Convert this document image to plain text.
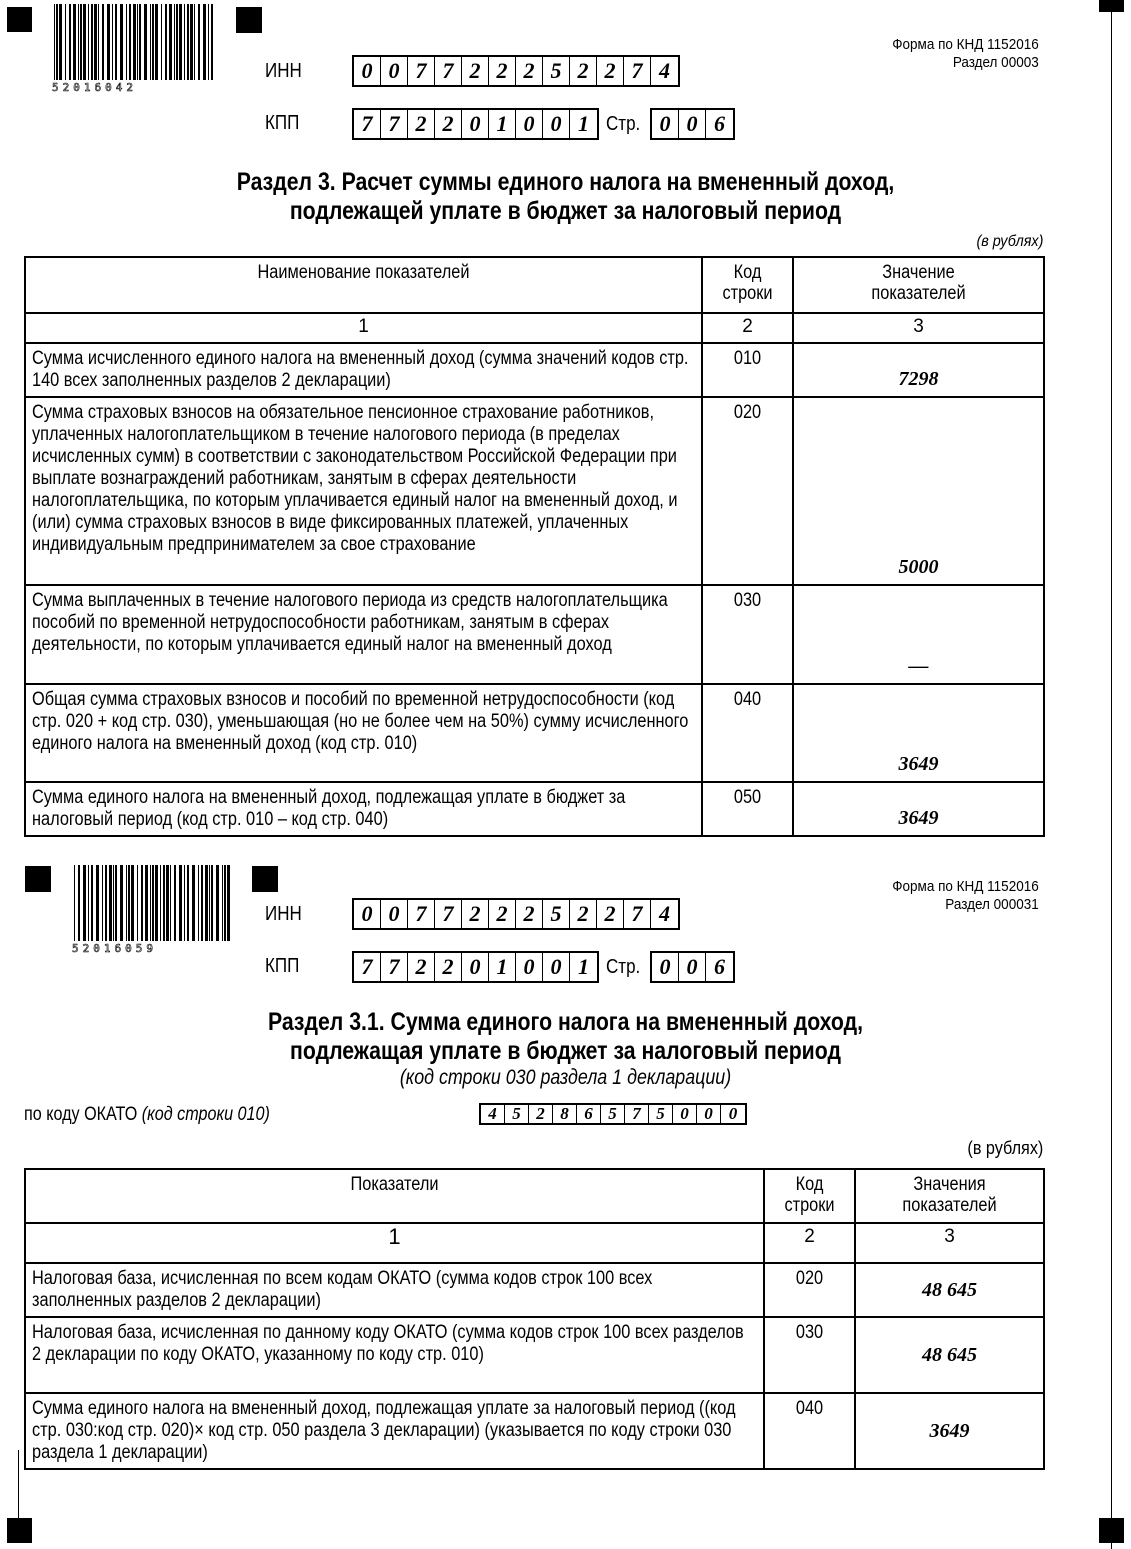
52016042
Форма по КНД 1152016
Раздел 00003
ИНН	0 0 7 7 2 2 2 5 2 2 7 4
КПП	7 7 2 2 0 1 0 0 1 Стр. 0 0 6
Раздел 3. Расчет суммы единого налога на вмененный доход,
подлежащей уплате в бюджет за налоговый период
(в рублях)
Наименование показателей	Код строки	Значение показателей

1	2	3

Сумма исчисленного единого налога на вмененный доход (сумма значений кодов стр. 140 всех заполненных разделов 2 декларации)	010	7298

Сумма страховых взносов на обязательное пенсионное страхование работников, уплаченных налогоплательщиком в течение налогового периода (в пределах исчисленных сумм) в соответствии с законодательством Российской Федерации при выплате вознаграждений работникам, занятым в сферах деятельности налогоплательщика, по которым уплачивается единый налог на вмененный доход, и (или) сумма страховых взносов в виде фиксированных платежей, уплаченных индивидуальным предпринимателем за свое страхование	020	5000

Сумма выплаченных в течение налогового периода из средств налогоплательщика пособий по временной нетрудоспособности работникам, занятым в сферах деятельности, по которым уплачивается единый налог на вмененный доход	030	—

Общая сумма страховых взносов и пособий по временной нетрудоспособности (код стр. 020 + код стр. 030), уменьшающая (но не более чем на 50%) сумму исчисленного единого налога на вмененный доход (код стр. 010)	040	3649

Сумма единого налога на вмененный доход, подлежащая уплате в бюджет за налоговый период (код стр. 010 – код стр. 040)	050	3649
52016059
Форма по КНД 1152016
Раздел 000031
ИНН	0 0 7 7 2 2 2 5 2 2 7 4
КПП	7 7 2 2 0 1 0 0 1 Стр. 0 0 6
Раздел 3.1. Сумма единого налога на вмененный доход,
подлежащая уплате в бюджет за налоговый период
(код строки 030 раздела 1 декларации)
по коду ОКАТО (код строки 010)	4 5 2 8 6 5 7 5 0 0 0
(в рублях)
Показатели	Код строки	Значения показателей

1	2	3

Налоговая база, исчисленная по всем кодам ОКАТО (сумма кодов строк 100 всех заполненных разделов 2 декларации)	020	48 645

Налоговая база, исчисленная по данному коду ОКАТО (сумма кодов строк 100 всех разделов 2 декларации по коду ОКАТО, указанному по коду стр. 010)	030	48 645

Сумма единого налога на вмененный доход, подлежащая уплате за налоговый период ((код стр. 030:код стр. 020)× код стр. 050 раздела 3 декларации) (указывается по коду строки 030 раздела 1 декларации)	040	3649
